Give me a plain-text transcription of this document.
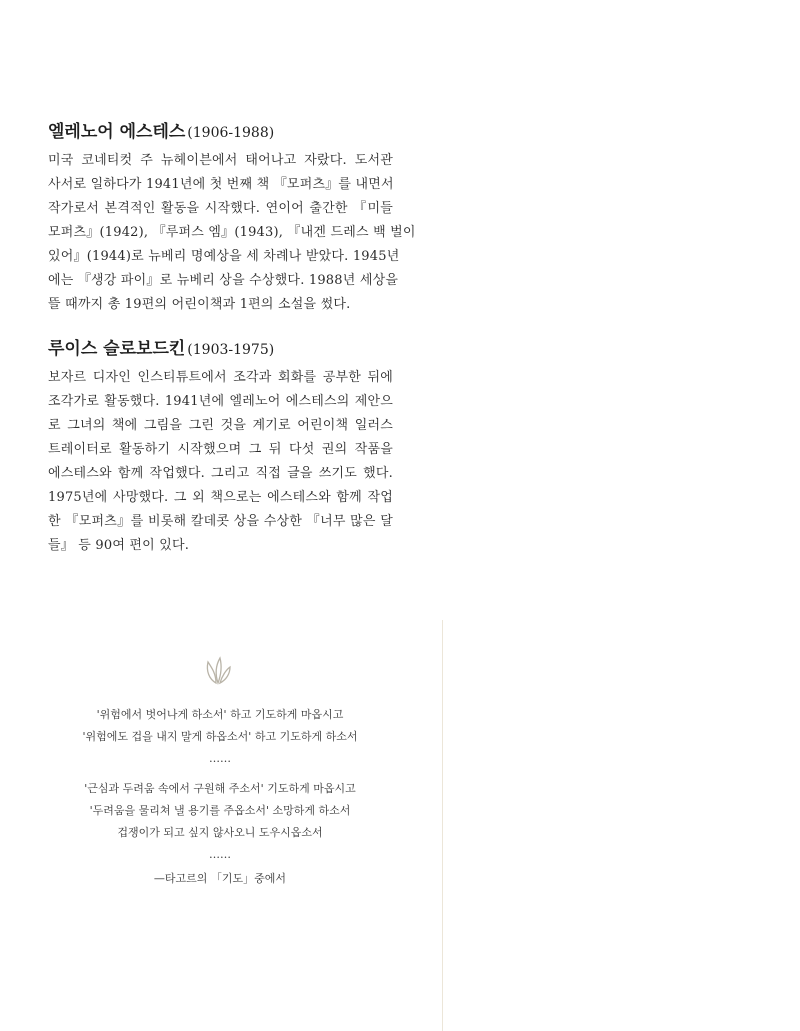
엘레노어 에스테스 (1906-1988)
미국 코네티컷 주 뉴헤이븐에서 태어나고 자랐다. 도서관
사서로 일하다가 1941년에 첫 번째 책 『모퍼츠』를 내면서
작가로서 본격적인 활동을 시작했다. 연이어 출간한 『미들
모퍼츠』(1942), 『루퍼스 엠』(1943), 『내겐 드레스 백 벌이
있어』(1944)로 뉴베리 명예상을 세 차례나 받았다. 1945년
에는 『생강 파이』로 뉴베리 상을 수상했다. 1988년 세상을
뜰 때까지 총 19편의 어린이책과 1편의 소설을 썼다.
루이스 슬로보드킨 (1903-1975)
보자르 디자인 인스티튜트에서 조각과 회화를 공부한 뒤에
조각가로 활동했다. 1941년에 엘레노어 에스테스의 제안으
로 그녀의 책에 그림을 그린 것을 계기로 어린이책 일러스
트레이터로 활동하기 시작했으며 그 뒤 다섯 권의 작품을
에스테스와 함께 작업했다. 그리고 직접 글을 쓰기도 했다.
1975년에 사망했다. 그 외 책으로는 에스테스와 함께 작업
한 『모퍼츠』를 비롯해 칼데콧 상을 수상한 『너무 많은 달
들』 등 90여 편이 있다.
'위험에서 벗어나게 하소서' 하고 기도하게 마옵시고
'위험에도 겁을 내지 말게 하옵소서' 하고 기도하게 하소서
……
'근심과 두려움 속에서 구원해 주소서' 기도하게 마옵시고
'두려움을 물리쳐 낼 용기를 주옵소서' 소망하게 하소서
겁쟁이가 되고 싶지 않사오니 도우시옵소서
……
—타고르의 「기도」중에서
